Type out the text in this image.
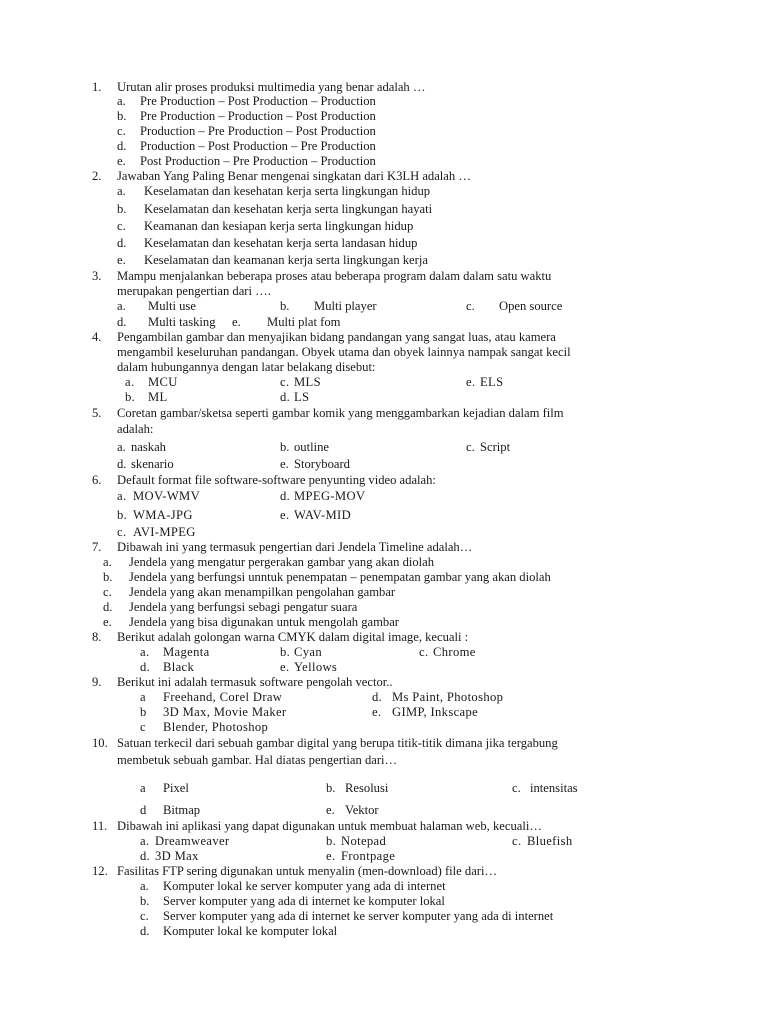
1. Urutan alir proses produksi multimedia yang benar adalah …
a. Pre Production – Post Production – Production
b. Pre Production – Production – Post Production
c. Production – Pre Production – Post Production
d. Production – Post Production – Pre Production
e. Post Production – Pre Production – Production
2. Jawaban Yang Paling Benar mengenai singkatan dari K3LH adalah …
a. Keselamatan dan kesehatan kerja serta lingkungan hidup
b. Keselamatan dan kesehatan kerja serta lingkungan hayati
c. Keamanan dan kesiapan kerja serta lingkungan hidup
d. Keselamatan dan kesehatan kerja serta landasan hidup
e. Keselamatan dan keamanan kerja serta lingkungan kerja
3. Mampu menjalankan beberapa proses atau beberapa program dalam dalam satu waktu
merupakan pengertian dari ….
a. Multi use	b. Multi player	c. Open source
d. Multi tasking e. Multi plat fom
4. Pengambilan gambar dan menyajikan bidang pandangan yang sangat luas, atau kamera
mengambil keseluruhan pandangan. Obyek utama dan obyek lainnya nampak sangat kecil
dalam hubungannya dengan latar belakang disebut:
a. MCU	c. MLS	e. ELS
b. ML	d. LS
5. Coretan gambar/sketsa seperti gambar komik yang menggambarkan kejadian dalam film
adalah:
a. naskah	b. outline	c. Script
d. skenario	e. Storyboard
6. Default format file software-software penyunting video adalah:
a. MOV-WMV	d. MPEG-MOV
b. WMA-JPG	e. WAV-MID
c. AVI-MPEG
7. Dibawah ini yang termasuk pengertian dari Jendela Timeline adalah…
a. Jendela yang mengatur pergerakan gambar yang akan diolah
b. Jendela yang berfungsi unntuk penempatan – penempatan gambar yang akan diolah
c. Jendela yang akan menampilkan pengolahan gambar
d. Jendela yang berfungsi sebagi pengatur suara
e. Jendela yang bisa digunakan untuk mengolah gambar
8. Berikut adalah golongan warna CMYK dalam digital image, kecuali :
a. Magenta	b. Cyan	c. Chrome
d. Black	e. Yellows
9. Berikut ini adalah termasuk software pengolah vector..
a Freehand, Corel Draw	d. Ms Paint, Photoshop
b 3D Max, Movie Maker	e. GIMP, Inkscape
c Blender, Photoshop
10. Satuan terkecil dari sebuah gambar digital yang berupa titik-titik dimana jika tergabung
membetuk sebuah gambar. Hal diatas pengertian dari…
a Pixel	b. Resolusi	c. intensitas
d Bitmap	e. Vektor
11. Dibawah ini aplikasi yang dapat digunakan untuk membuat halaman web, kecuali…
a. Dreamweaver	b. Notepad	c. Bluefish
d. 3D Max	e. Frontpage
12. Fasilitas FTP sering digunakan untuk menyalin (men-download) file dari…
a. Komputer lokal ke server komputer yang ada di internet
b. Server komputer yang ada di internet ke komputer lokal
c. Server komputer yang ada di internet ke server komputer yang ada di internet
d. Komputer lokal ke komputer lokal
